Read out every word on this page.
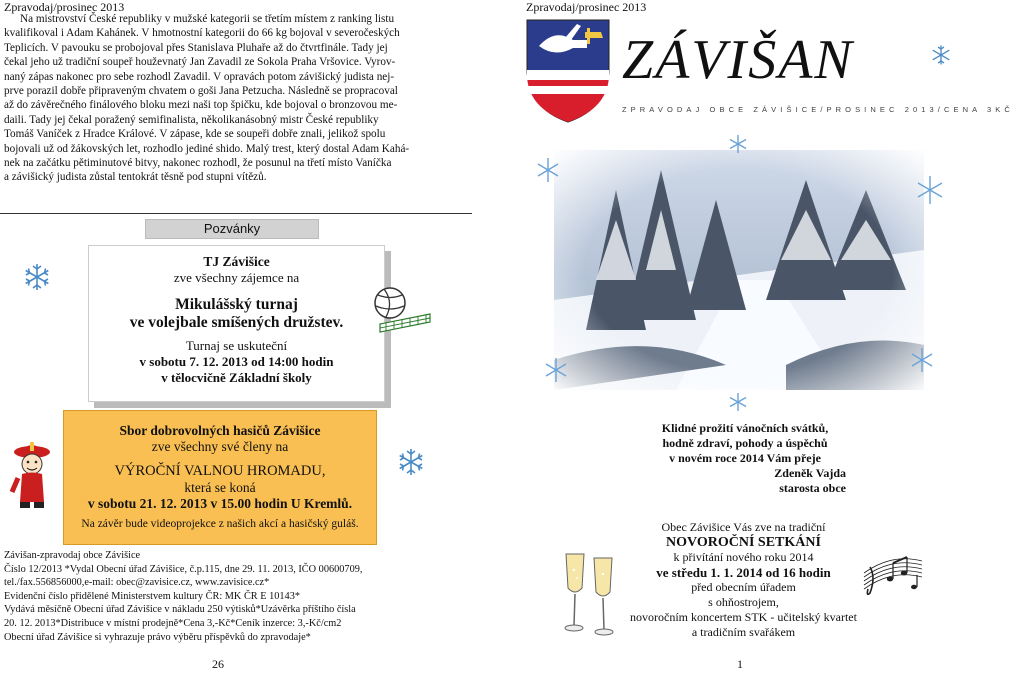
Zpravodaj/prosinec 2013

Na mistrovství České republiky v mužské kategorii se třetím místem z ranking listu

kvalifikoval i Adam Kahánek. V hmotnostní kategorii do 66 kg bojoval v severočeských

Teplicích. V pavouku se probojoval přes Stanislava Pluhaře až do čtvrtfinále. Tady jej

čekal jeho už tradiční soupeř houževnatý Jan Zavadil ze Sokola Praha Vršovice. Vyrov-

naný zápas nakonec pro sebe rozhodl Zavadil. V opravách potom závišický judista nej-

prve porazil dobře připraveným chvatem o goši Jana Petzucha. Následně se propracoval

až do závěrečného finálového bloku mezi naši top špičku, kde bojoval o bronzovou me-

daili. Tady jej čekal poražený semifinalista, několikanásobný mistr České republiky

Tomáš Vaníček z Hradce Králové. V zápase, kde se soupeři dobře znali, jelikož spolu

bojovali už od žákovských let, rozhodlo jediné shido. Malý trest, který dostal Adam Kahá-

nek na začátku pětiminutové bitvy, nakonec rozhodl, že posunul na třetí místo Vaníčka

a závišický judista zůstal tentokrát těsně pod stupni vítězů.

Pozvánky
TJ Závišice
zve všechny zájemce na
Mikulášský turnaj
ve volejbale smíšených družstev.
Turnaj se uskuteční
v sobotu 7. 12. 2013 od 14:00 hodin
v tělocvičně Základní školy
Sbor dobrovolných hasičů Závišice
zve všechny své členy na
VÝROČNÍ VALNOU HROMADU,
která se koná
v sobotu 21. 12. 2013 v 15.00 hodin U Kremlů.
Na závěr bude videoprojekce z našich akcí a hasičský guláš.
Závišan-zpravodaj obce Závišice
Číslo 12/2013 *Vydal Obecní úřad Závišice, č.p.115, dne 29. 11. 2013, IČO 00600709,
tel./fax.556856000,e-mail: obec@zavisice.cz, www.zavisice.cz*
Evidenční číslo přidělené Ministerstvem kultury ČR: MK ČR E 10143*
Vydává měsíčně Obecní úřad Závišice v nákladu 250 výtisků*Uzávěrka příštího čísla
20. 12. 2013*Distribuce v místní prodejně*Cena 3,-Kč*Ceník inzerce: 3,-Kč/cm2
Obecní úřad Závišice si vyhrazuje právo výběru příspěvků do zpravodaje*
26
Zpravodaj/prosinec 2013
ZÁVIŠAN
ZPRAVODAJ OBCE ZÁVIŠICE/PROSINEC 2013/CENA 3KČ
Klidné prožití vánočních svátků,
hodně zdraví, pohody a úspěchů
v novém roce 2014 Vám přeje
Zdeněk Vajda
starosta obce
Obec Závišice Vás zve na tradiční
NOVOROČNÍ SETKÁNÍ
k přivítání nového roku 2014
ve středu 1. 1. 2014 od 16 hodin
před obecním úřadem
s ohňostrojem,
novoročním koncertem STK - učitelský kvartet
a tradičním svařákem
1
